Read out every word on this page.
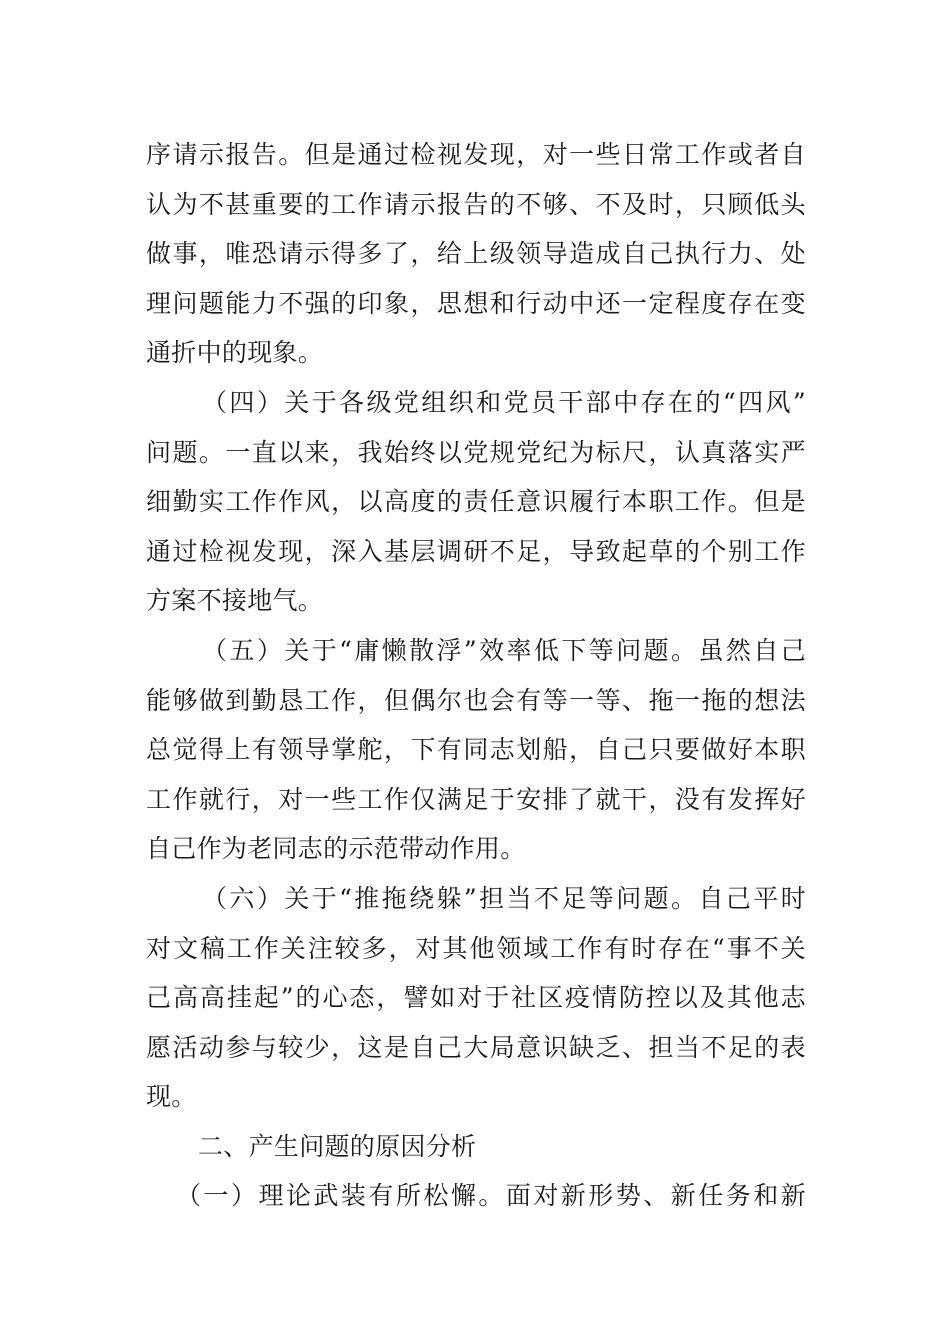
序请示报告。但是通过检视发现，对一些日常工作或者自
认为不甚重要的工作请示报告的不够、不及时，只顾低头
做事，唯恐请示得多了，给上级领导造成自己执行力、处
理问题能力不强的印象，思想和行动中还一定程度存在变
通折中的现象。
（四）关于各级党组织和党员干部中存在的“四风”
问题。一直以来，我始终以党规党纪为标尺，认真落实严
细勤实工作作风，以高度的责任意识履行本职工作。但是
通过检视发现，深入基层调研不足，导致起草的个别工作
方案不接地气。
（五）关于“庸懒散浮”效率低下等问题。虽然自己
能够做到勤恳工作，但偶尔也会有等一等、拖一拖的想法
总觉得上有领导掌舵，下有同志划船，自己只要做好本职
工作就行，对一些工作仅满足于安排了就干，没有发挥好
自己作为老同志的示范带动作用。
（六）关于“推拖绕躲”担当不足等问题。自己平时
对文稿工作关注较多，对其他领域工作有时存在“事不关
己高高挂起”的心态，譬如对于社区疫情防控以及其他志
愿活动参与较少，这是自己大局意识缺乏、担当不足的表
现。
二、产生问题的原因分析
（一）理论武装有所松懈。面对新形势、新任务和新
